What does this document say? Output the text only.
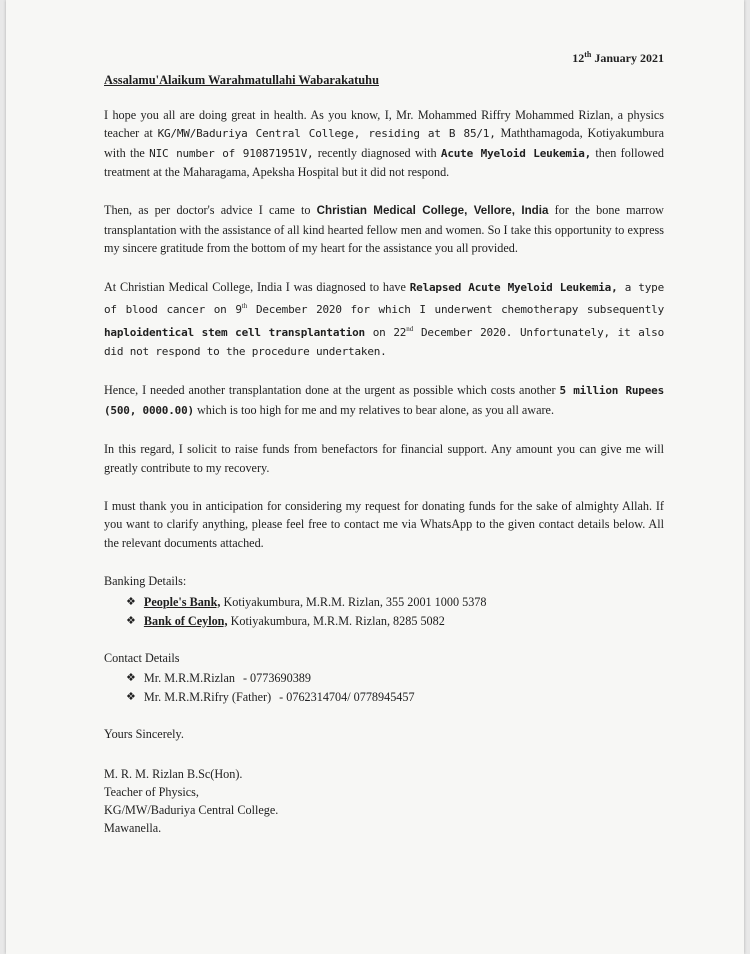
12th January 2021
Assalamu'Alaikum Warahmatullahi Wabarakatuhu

I hope you all are doing great in health. As you know, I, Mr. Mohammed Riffry Mohammed Rizlan, a physics teacher at KG/MW/Baduriya Central College, residing at B 85/1, Maththamagoda, Kotiyakumbura with the NIC number of 910871951V, recently diagnosed with Acute Myeloid Leukemia, then followed treatment at the Maharagama, Apeksha Hospital but it did not respond.

Then, as per doctor's advice I came to Christian Medical College, Vellore, India for the bone marrow transplantation with the assistance of all kind hearted fellow men and women. So I take this opportunity to express my sincere gratitude from the bottom of my heart for the assistance you all provided.

At Christian Medical College, India I was diagnosed to have Relapsed Acute Myeloid Leukemia, a type of blood cancer on 9th December 2020 for which I underwent chemotherapy subsequently haploidentical stem cell transplantation on 22nd December 2020. Unfortunately, it also did not respond to the procedure undertaken.

Hence, I needed another transplantation done at the urgent as possible which costs another 5 million Rupees (500, 0000.00) which is too high for me and my relatives to bear alone, as you all aware.

In this regard, I solicit to raise funds from benefactors for financial support. Any amount you can give me will greatly contribute to my recovery.

I must thank you in anticipation for considering my request for donating funds for the sake of almighty Allah. If you want to clarify anything, please feel free to contact me via WhatsApp to the given contact details below. All the relevant documents attached.

Banking Details:
❖ People's Bank, Kotiyakumbura, M.R.M. Rizlan, 355 2001 1000 5378
❖ Bank of Ceylon, Kotiyakumbura, M.R.M. Rizlan, 8285 5082
Contact Details
❖ Mr. M.R.M.Rizlan - 0773690389
❖ Mr. M.R.M.Rifry (Father) - 0762314704/ 0778945457
Yours Sincerely.
M. R. M. Rizlan B.Sc(Hon).
Teacher of Physics,
KG/MW/Baduriya Central College.
Mawanella.
